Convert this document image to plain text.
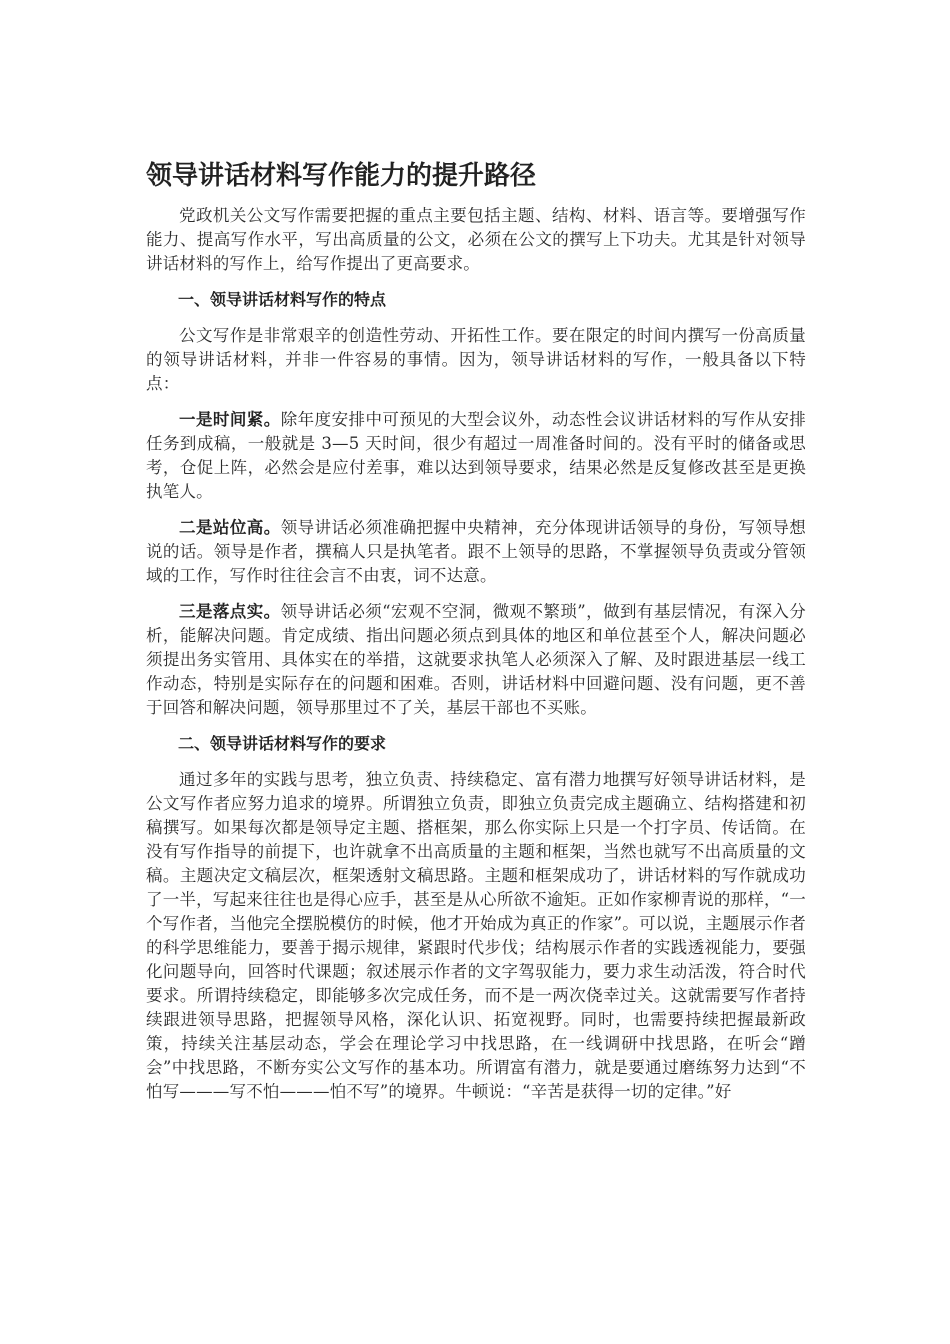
领导讲话材料写作能力的提升路径

党政机关公文写作需要把握的重点主要包括主题、结构、材料、语言等。要增强写作能力、提高写作水平，写出高质量的公文，必须在公文的撰写上下功夫。尤其是针对领导讲话材料的写作上，给写作提出了更高要求。

一、领导讲话材料写作的特点

公文写作是非常艰辛的创造性劳动、开拓性工作。要在限定的时间内撰写一份高质量的领导讲话材料，并非一件容易的事情。因为，领导讲话材料的写作，一般具备以下特点：

一是时间紧。除年度安排中可预见的大型会议外，动态性会议讲话材料的写作从安排任务到成稿，一般就是 3—5 天时间，很少有超过一周准备时间的。没有平时的储备或思考，仓促上阵，必然会是应付差事，难以达到领导要求，结果必然是反复修改甚至是更换执笔人。

二是站位高。领导讲话必须准确把握中央精神，充分体现讲话领导的身份，写领导想说的话。领导是作者，撰稿人只是执笔者。跟不上领导的思路，不掌握领导负责或分管领域的工作，写作时往往会言不由衷，词不达意。

三是落点实。领导讲话必须“宏观不空洞，微观不繁琐”，做到有基层情况，有深入分析，能解决问题。肯定成绩、指出问题必须点到具体的地区和单位甚至个人，解决问题必须提出务实管用、具体实在的举措，这就要求执笔人必须深入了解、及时跟进基层一线工作动态，特别是实际存在的问题和困难。否则，讲话材料中回避问题、没有问题，更不善于回答和解决问题，领导那里过不了关，基层干部也不买账。

二、领导讲话材料写作的要求

通过多年的实践与思考，独立负责、持续稳定、富有潜力地撰写好领导讲话材料，是公文写作者应努力追求的境界。所谓独立负责，即独立负责完成主题确立、结构搭建和初稿撰写。如果每次都是领导定主题、搭框架，那么你实际上只是一个打字员、传话筒。在没有写作指导的前提下，也许就拿不出高质量的主题和框架，当然也就写不出高质量的文稿。主题决定文稿层次，框架透射文稿思路。主题和框架成功了，讲话材料的写作就成功了一半，写起来往往也是得心应手，甚至是从心所欲不逾矩。正如作家柳青说的那样，“一个写作者，当他完全摆脱模仿的时候，他才开始成为真正的作家”。可以说，主题展示作者的科学思维能力，要善于揭示规律，紧跟时代步伐；结构展示作者的实践透视能力，要强化问题导向，回答时代课题；叙述展示作者的文字驾驭能力，要力求生动活泼，符合时代要求。所谓持续稳定，即能够多次完成任务，而不是一两次侥幸过关。这就需要写作者持续跟进领导思路，把握领导风格，深化认识、拓宽视野。同时，也需要持续把握最新政策，持续关注基层动态，学会在理论学习中找思路，在一线调研中找思路，在听会“蹭会”中找思路，不断夯实公文写作的基本功。所谓富有潜力，就是要通过磨练努力达到“不怕写———写不怕———怕不写”的境界。牛顿说：“辛苦是获得一切的定律。”好
